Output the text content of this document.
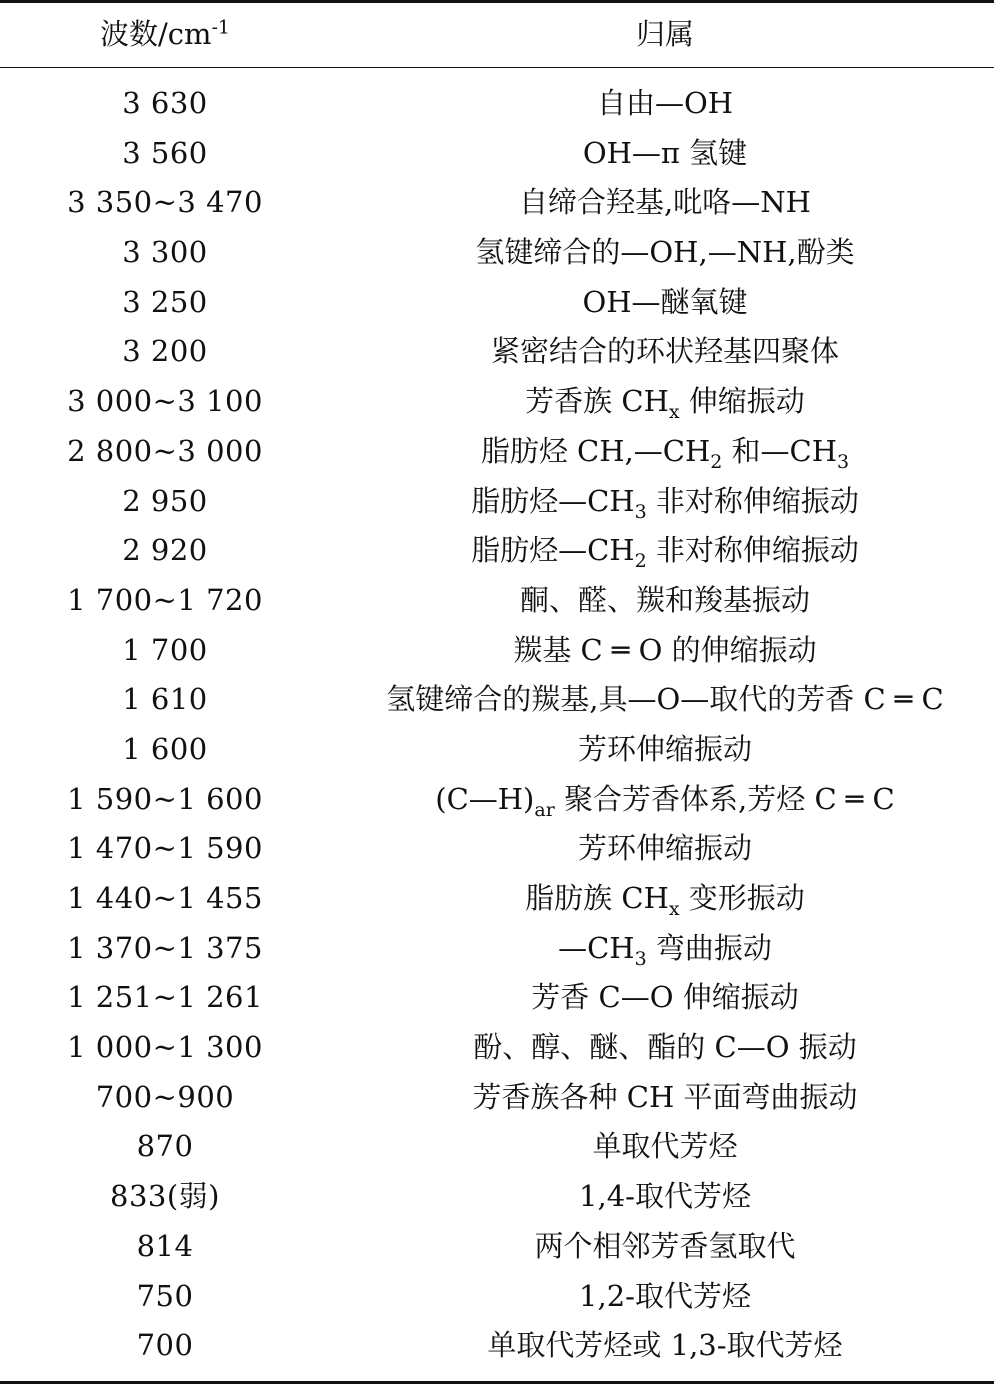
波数$/cm^{-1}$	归属
3 630	自由—OH
3 560	OH—π 氢键
3 350~3 470	自缔合羟基,吡咯—NH
3 300	氢键缔合的—OH,—NH,酚类
3 250	OH—醚氧键
3 200	紧密结合的环状羟基四聚体
3 000~3 100	芳香族 $CH_x$ 伸缩振动
2 800~3 000	脂肪烃 $CH,—CH_2$ 和$—CH_3$
2 950	脂肪烃$—CH_3$ 非对称伸缩振动
2 920	脂肪烃$—CH_2$ 非对称伸缩振动
1 700~1 720	酮、醛、羰和羧基振动
1 700	羰基 C ═ O 的伸缩振动
1 610	氢键缔合的羰基,具—O—取代的芳香 C ═ C
1 600	芳环伸缩振动
1 590~1 600	$(C—H)_{ar}$ 聚合芳香体系,芳烃 C ═ C
1 470~1 590	芳环伸缩振动
1 440~1 455	脂肪族 $CH_x$ 变形振动
1 370~1 375	$—CH_3$ 弯曲振动
1 251~1 261	芳香 C—O 伸缩振动
1 000~1 300	酚、醇、醚、酯的 C—O 振动
700~900	芳香族各种 CH 平面弯曲振动
870	单取代芳烃
833(弱)	1,4-取代芳烃
814	两个相邻芳香氢取代
750	1,2-取代芳烃
700	单取代芳烃或 1,3-取代芳烃
